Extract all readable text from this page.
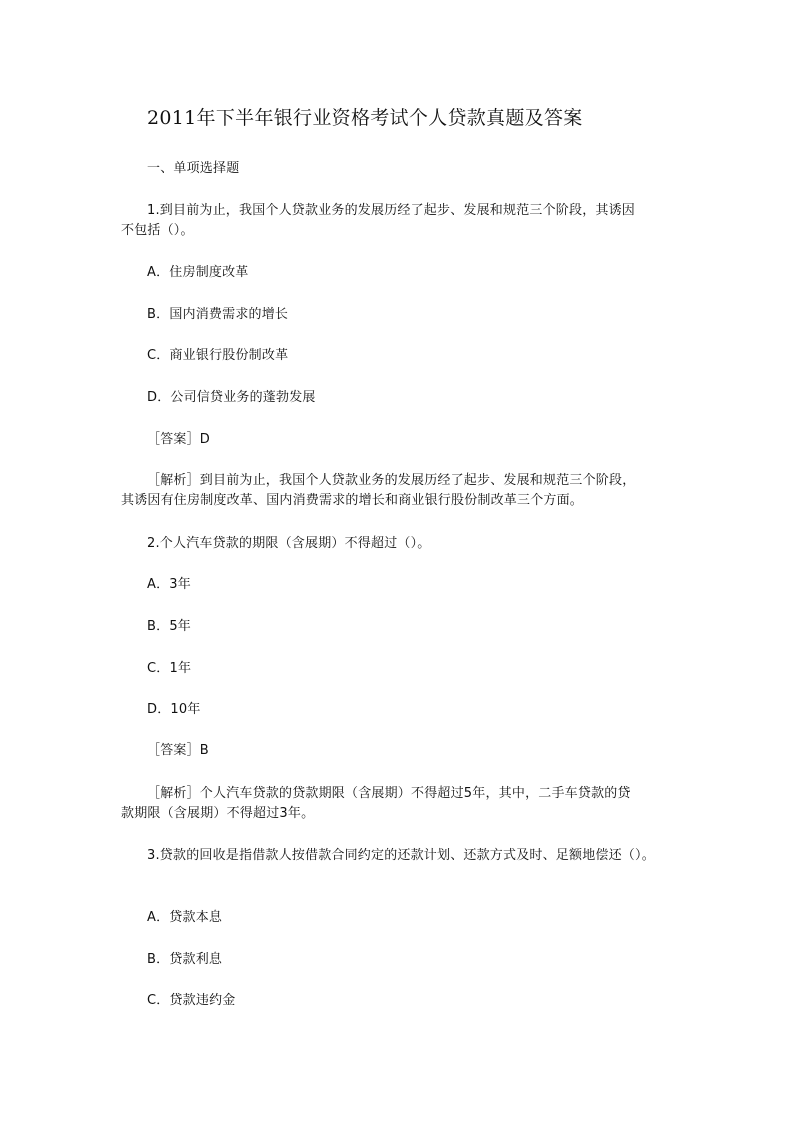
2011年下半年银行业资格考试个人贷款真题及答案

一、单项选择题

1.到目前为止，我国个人贷款业务的发展历经了起步、发展和规范三个阶段，其诱因

不包括（）。

A．住房制度改革

B．国内消费需求的增长

C．商业银行股份制改革

D．公司信贷业务的蓬勃发展

［答案］D

［解析］到目前为止，我国个人贷款业务的发展历经了起步、发展和规范三个阶段，

其诱因有住房制度改革、国内消费需求的增长和商业银行股份制改革三个方面。

2.个人汽车贷款的期限（含展期）不得超过（）。

A．3年

B．5年

C．1年

D．10年

［答案］B

［解析］个人汽车贷款的贷款期限（含展期）不得超过5年，其中，二手车贷款的贷

款期限（含展期）不得超过3年。

3.贷款的回收是指借款人按借款合同约定的还款计划、还款方式及时、足额地偿还（）。

A．贷款本息

B．贷款利息

C．贷款违约金
